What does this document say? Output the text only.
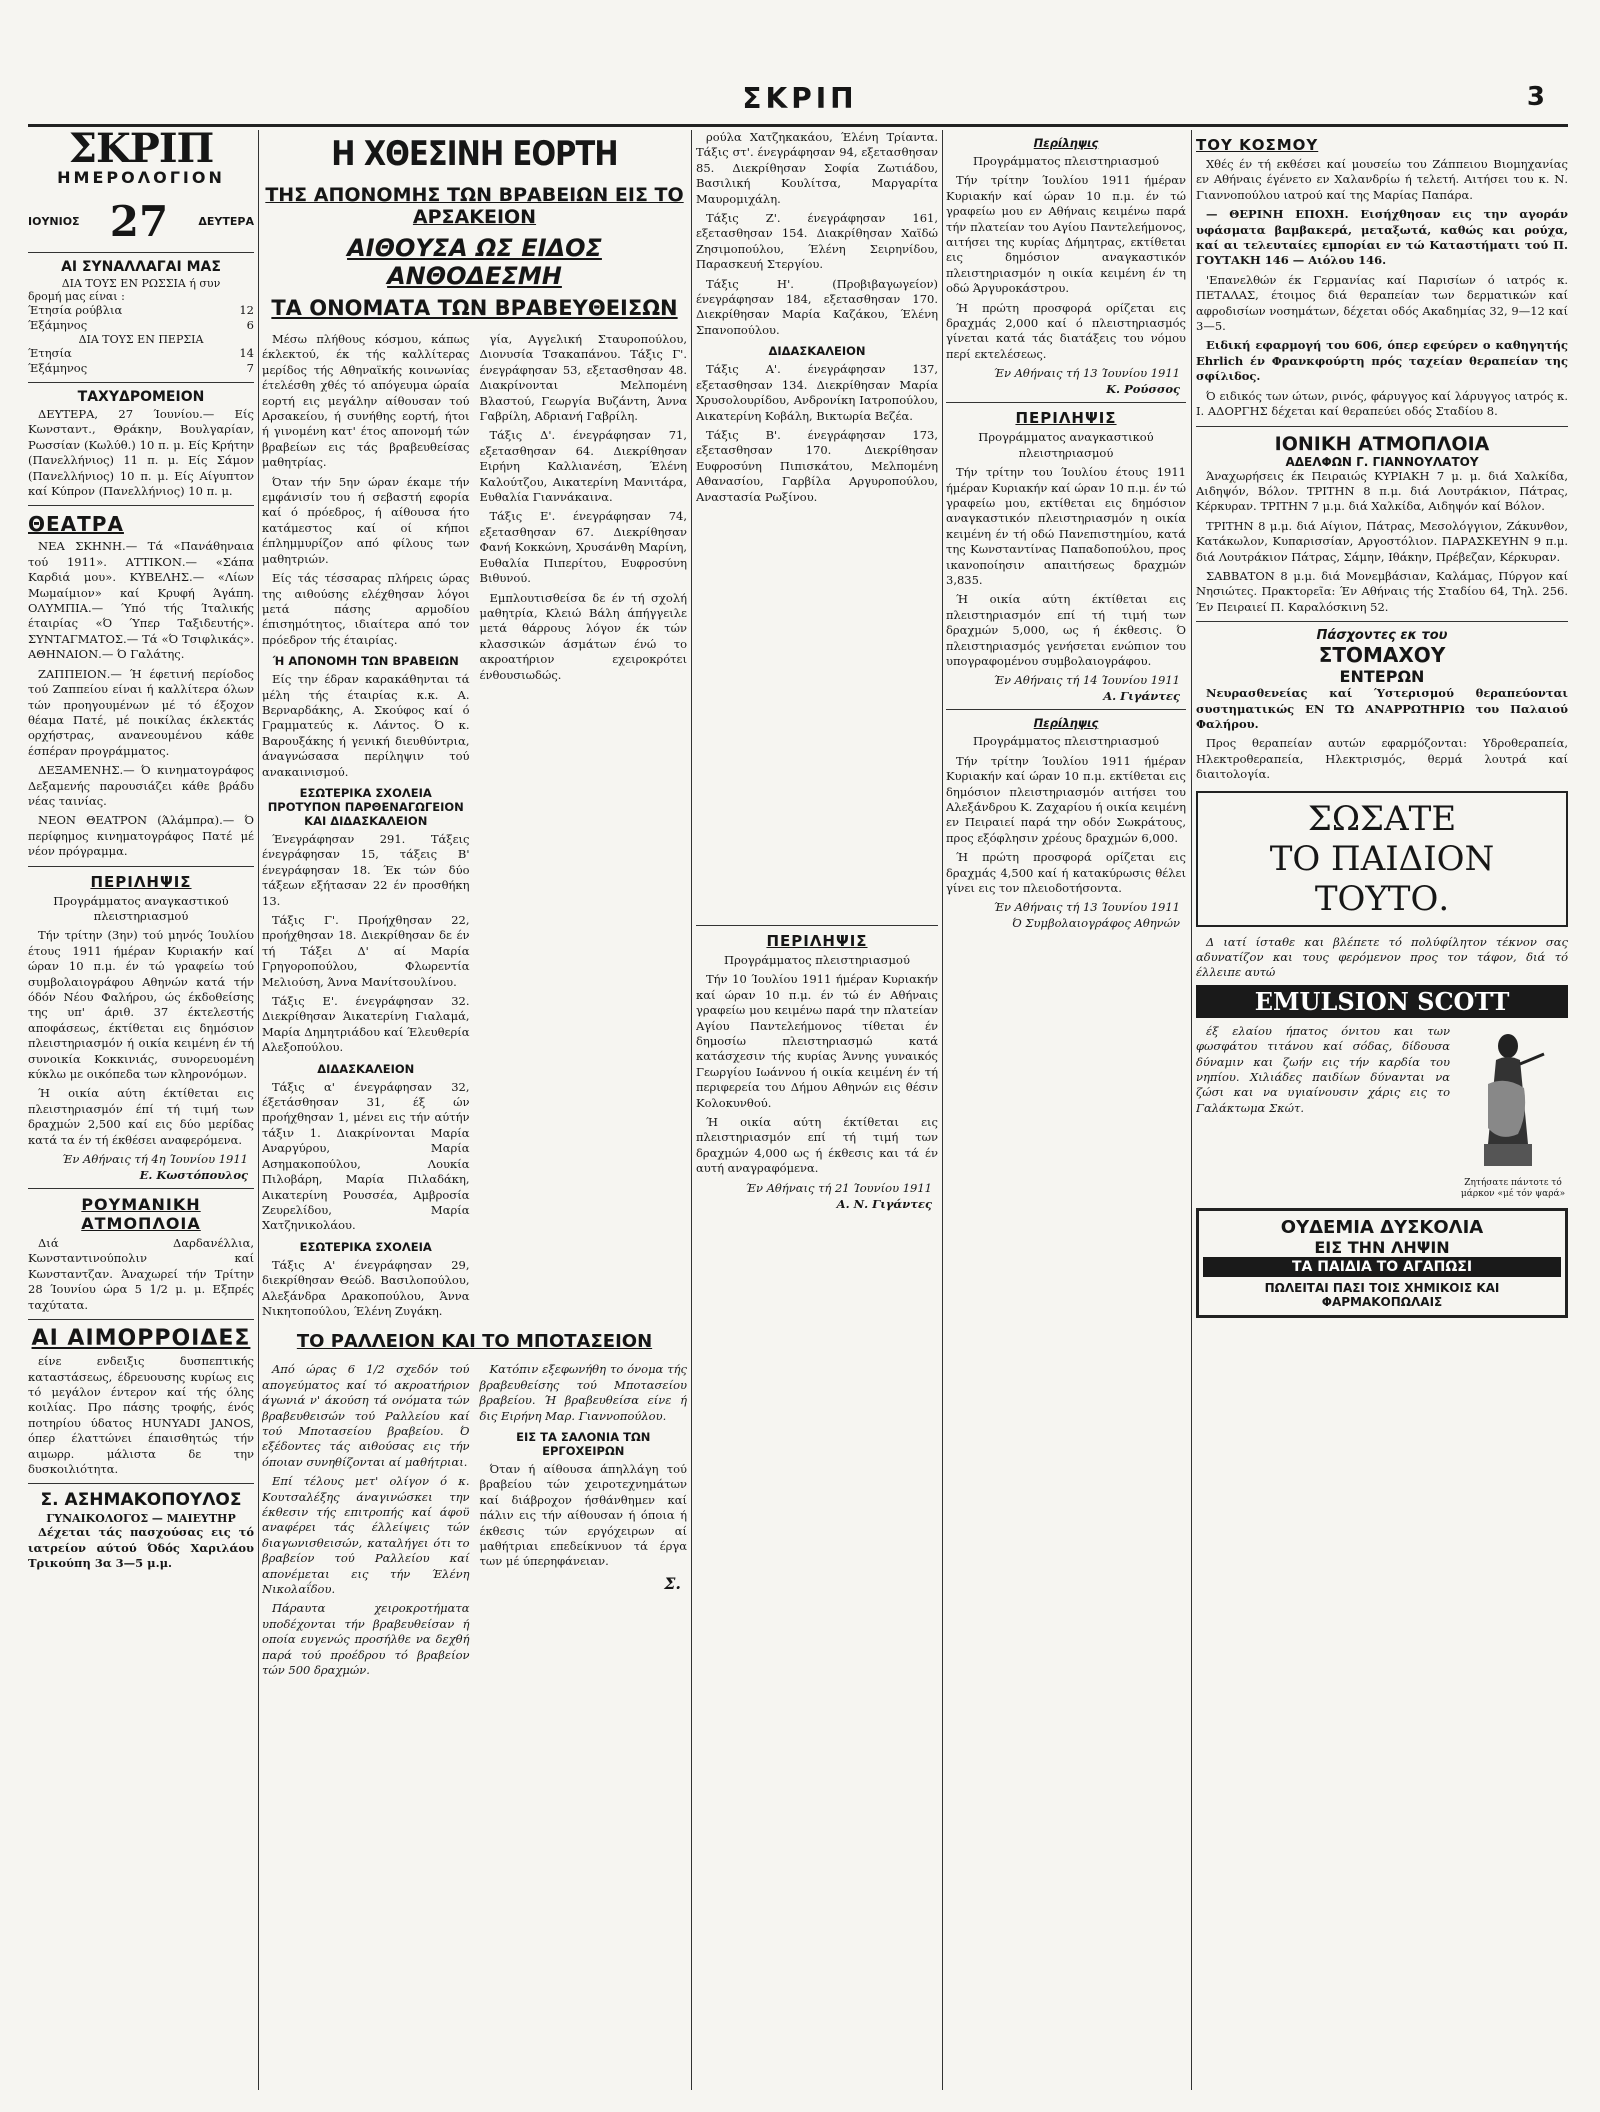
ΣΚΡΙΠ	3
ΣΚΡΙΠ
ΗΜΕΡΟΛΟΓΙΟΝ
ΙΟΥΝΙΟΣ 27	ΔΕΥΤΕΡΑ
ΑΙ ΣΥΝΑΛΛΑΓΑΙ ΜΑΣ
ΔΙΑ ΤΟΥΣ ΕΝ ΡΩΣΣΙΑ ή συν
δρομή μας είναι :
Έτησία ρούβλια	12
Έξάμηνος	6
ΔΙΑ ΤΟΥΣ ΕΝ ΠΕΡΣΙΑ
Έτησία	14
Έξάμηνος	7
ΤΑΧΥΔΡΟΜΕΙΟΝ

ΔΕΥΤΕΡΑ, 27 Ίουνίου.— Είς Κωνσταντ., Θράκην, Βουλγαρίαν, Ρωσσίαν (Κωλύθ.) 10 π. μ. Είς Κρήτην (Πανελλήνιος) 11 π. μ. Είς Σάμον (Πανελλήνιος) 10 π. μ. Είς Αίγυπτον καί Κύπρον (Πανελλήνιος) 10 π. μ.

ΘΕΑΤΡΑ

ΝΕΑ ΣΚΗΝΗ.— Τά «Πανάθηναια τού 1911». ΑΤΤΙΚΟΝ.— «Σάπα Καρδιά μου». ΚΥΒΕΛΗΣ.— «Λίων Μωμαίμιον» καί Κρυφή Άγάπη. ΟΛΥΜΠΙΑ.— Ύπό τής Ίταλικής έταιρίας «Ό Ύπερ Ταξιδευτής». ΣΥΝΤΑΓΜΑΤΟΣ.— Τά «Ό Τσιφλικάς». ΑΘΗΝΑΙΟΝ.— Ό Γαλάτης.

ΖΑΠΠΕΙΟΝ.— Ή έφετινή περίοδος τού Ζαππείου είναι ή καλλίτερα όλων τών προηγουμένων μέ τό έξοχον θέαμα Πατέ, μέ ποικίλας έκλεκτάς ορχήστρας, ανανεουμένου κάθε έσπέραν προγράμματος.

ΔΕΞΑΜΕΝΗΣ.— Ό κινηματογράφος Δεξαμενής παρουσιάζει κάθε βράδυ νέας ταινίας.

ΝΕΟΝ ΘΕΑΤΡΟΝ (Άλάμπρα).— Ό περίφημος κινηματογράφος Πατέ μέ νέον πρόγραμμα.

ΠΕΡΙΛΗΨΙΣ

Προγράμματος αναγκαστικού πλειστηριασμού

Τήν τρίτην (3ην) τού μηνός Ίουλίου έτους 1911 ήμέραν Κυριακήν καί ώραν 10 π.μ. έν τώ γραφείω τού συμβολαιογράφου Αθηνών κατά τήν όδόν Νέου Φαλήρου, ώς έκδοθείσης της υπ' άριθ. 37 έκτελεστής αποφάσεως, έκτίθεται εις δημόσιον πλειστηριασμόν ή οικία κειμένη έν τή συνοικία Κοκκινιάς, συνορευομένη κύκλω με οικόπεδα των κληρονόμων.

Ή οικία αύτη έκτίθεται εις πλειστηριασμόν έπί τή τιμή των δραχμών 2,500 καί εις δύο μερίδας κατά τα έν τή έκθέσει αναφερόμενα.

Έν Αθήναις τή 4η Ίουνίου 1911
Ε. Κωστόπουλος
ΡΟΥΜΑΝΙΚΗ ΑΤΜΟΠΛΟΙΑ

Διά Δαρδανέλλια, Κωνσταντινούπολιν καί Κωνσταντζαν. Άναχωρεί τήν Τρίτην 28 Ίουνίου ώρα 5 1/2 μ. μ. Εξπρές ταχύτατα.

ΑΙ ΑΙΜΟΡΡΟΙΔΕΣ

είνε ενδειξις δυσπεπτικής καταστάσεως, έδρευουσης κυρίως εις τό μεγάλον έντερον καί τής όλης κοιλίας. Προ πάσης τροφής, ένός ποτηρίου ύδατος HUNYADI JANOS, όπερ έλαττώνει έπαισθητώς τήν αιμωρρ. μάλιστα δε την δυσκοιλιότητα.

Σ. ΑΣΗΜΑΚΟΠΟΥΛΟΣ
ΓΥΝΑΙΚΟΛΟΓΟΣ — ΜΑΙΕΥΤΗΡ

Δέχεται τάς πασχούσας εις τό ιατρείον αύτού Όδός Χαριλάου Τρικούπη 3α 3—5 μ.μ.

Η ΧΘΕΣΙΝΗ ΕΟΡΤΗ
ΤΗΣ ΑΠΟΝΟΜΗΣ ΤΩΝ ΒΡΑΒΕΙΩΝ ΕΙΣ ΤΟ ΑΡΣΑΚΕΙΟΝ
ΑΙΘΟΥΣΑ ΩΣ ΕΙΔΟΣ ΑΝΘΟΔΕΣΜΗ
ΤΑ ΟΝΟΜΑΤΑ ΤΩΝ ΒΡΑΒΕΥΘΕΙΣΩΝ

Μέσω πλήθους κόσμου, κάπως έκλεκτού, έκ τής καλλίτερας μερίδος τής Αθηναϊκής κοινωνίας έτελέσθη χθές τό απόγευμα ώραία εορτή εις μεγάλην αίθουσαν τού Αρσακείου, ή συνήθης εορτή, ήτοι ή γινομένη κατ' έτος απονομή τών βραβείων εις τάς βραβευθείσας μαθητρίας.

Όταν τήν 5ην ώραν έκαμε τήν εμφάνισίν του ή σεβαστή εφορία καί ό πρόεδρος, ή αίθουσα ήτο κατάμεστος καί οί κήποι έπλημμυρίζον από φίλους των μαθητριών.

Είς τάς τέσσαρας πλήρεις ώρας της αιθούσης ελέχθησαν λόγοι μετά πάσης αρμοδίου έπισημότητος, ιδιαίτερα από τον πρόεδρον τής έταιρίας.

Ή ΑΠΟΝΟΜΗ ΤΩΝ ΒΡΑΒΕΙΩΝ

Είς την έδραν καρακάθηνται τά μέλη τής έταιρίας κ.κ. Α. Βερναρδάκης, Α. Σκούφος καί ό Γραμματεύς κ. Λάντος. Ό κ. Βαρουξάκης ή γενική διευθύντρια, άναγνώσασα περίληψιν τού ανακαινισμού.

ΕΣΩΤΕΡΙΚΑ ΣΧΟΛΕΙΑ ΠΡΟΤΥΠΟΝ ΠΑΡΘΕΝΑΓΩΓΕΙΟΝ ΚΑΙ ΔΙΔΑΣΚΑΛΕΙΟΝ

Ένεγράφησαν 291. Τάξεις ένεγράφησαν 15, τάξεις Β' ένεγράφησαν 18. Έκ τών δύο τάξεων εξήτασαν 22 έν προσθήκη 13.

Τάξις Γ'. Προήχθησαν 22, προήχθησαν 18. Διεκρίθησαν δε έν τή Τάξει Δ' αί Μαρία Γρηγοροπούλου, Φλωρεντία Μελιούση, Άννα Μανίτσουλίνου.

Τάξις Ε'. ένεγράφησαν 32. Διεκρίθησαν Άικατερίνη Γιαλαμά, Μαρία Δημητριάδου καί Έλευθερία Αλεξοπούλου.

ΔΙΔΑΣΚΑΛΕΙΟΝ

Τάξις α' ένεγράφησαν 32, έξετάσθησαν 31, έξ ών προήχθησαν 1, μένει εις τήν αύτήν τάξιν 1. Διακρίνονται Μαρία Αναργύρου, Μαρία Ασημακοπούλου, Λουκία Πιλοβάρη, Μαρία Πιλαδάκη, Αικατερίνη Ρουσσέα, Αμβροσία Ζευρελίδου, Μαρία Χατζηνικολάου.

ΕΣΩΤΕΡΙΚΑ ΣΧΟΛΕΙΑ

Τάξις Α' ένεγράφησαν 29, διεκρίθησαν Θεώδ. Βασιλοπούλου, Αλεξάνδρα Δρακοπούλου, Άννα Νικητοπούλου, Έλένη Ζυγάκη.

γία, Αγγελική Σταυροπούλου, Διονυσία Τσακαπάνου. Τάξις Γ'. ένεγράφησαν 53, εξετασθησαν 48. Διακρίνονται Μελπομένη Βλαστού, Γεωργία Βυζάντη, Άννα Γαβρίλη, Αδριανή Γαβρίλη.

Τάξις Δ'. ένεγράφησαν 71, εξετασθησαν 64. Διεκρίθησαν Ειρήνη Καλλιανέση, Έλένη Καλούτζου, Αικατερίνη Μανιτάρα, Ευθαλία Γιαννάκαινα.

Τάξις Ε'. ένεγράφησαν 74, εξετασθησαν 67. Διεκρίθησαν Φανή Κοκκώνη, Χρυσάνθη Μαρίνη, Ευθαλία Πιπερίτου, Ευφροσύνη Βιθυνού.

Εμπλουτισθείσα δε έν τή σχολή μαθητρία, Κλειώ Βάλη άπήγγειλε μετά θάρρους λόγον έκ τών κλασσικών άσμάτων ένώ το ακροατήριον εχειροκρότει ένθουσιωδώς.

ΤΟ ΡΑΛΛΕΙΟΝ ΚΑΙ ΤΟ ΜΠΟΤΑΣΕΙΟΝ

Από ώρας 6 1/2 σχεδόν τού απογεύματος καί τό ακροατήριον άγωνιά ν' άκούση τά ονόματα τών βραβευθεισών τού Ραλλείου καί τού Μποτασείου βραβείου. Ό εξέδοντες τάς αιθούσας εις τήν όποιαν συνηθίζονται αί μαθήτριαι.

Επί τέλους μετ' ολίγον ό κ. Κουτσαλέξης άναγινώσκει την έκθεσιν τής επιτροπής καί άφοϋ αναφέρει τάς έλλείψεις τών διαγωνισθεισών, καταλήγει ότι το βραβείον τού Ραλλείου καί απονέμεται εις τήν Έλένη Νικολαΐδου.

Πάραυτα χειροκροτήματα υποδέχονται τήν βραβευθείσαν ή οποία ευγενώς προσήλθε να δεχθή παρά τού προέδρου τό βραβείον τών 500 δραχμών.

Κατόπιν εξεφωνήθη το όνομα τής βραβευθείσης τού Μποτασείου βραβείου. Ή βραβευθείσα είνε ή δις Ειρήνη Μαρ. Γιαννοπούλου.

ΕΙΣ ΤΑ ΣΑΛΟΝΙΑ ΤΩΝ ΕΡΓΟΧΕΙΡΩΝ

Όταν ή αίθουσα άπηλλάγη τού βραβείου τών χειροτεχνημάτων καί διάβροχον ήσθάνθημεν καί πάλιν εις τήν αίθουσαν ή όποια ή έκθεσις τών εργόχειρων αί μαθήτριαι επεδείκνυον τά έργα των μέ ύπερηφάνειαν.

Σ.

ρούλα Χατζηκακάου, Έλένη Τρίαντα. Τάξις στ'. ένεγράφησαν 94, εξετασθησαν 85. Διεκρίθησαν Σοφία Ζωτιάδου, Βασιλική Κουλίτσα, Μαργαρίτα Μαυρομιχάλη.

Τάξις Ζ'. ένεγράφησαν 161, εξετασθησαν 154. Διακρίθησαν Χαϊδώ Ζησιμοπούλου, Έλένη Σειρηνίδου, Παρασκευή Στεργίου.

Τάξις Η'. (Προβιβαγωγείον) ένεγράφησαν 184, εξετασθησαν 170. Διεκρίθησαν Μαρία Καζάκου, Έλένη Σπανοπούλου.

ΔΙΔΑΣΚΑΛΕΙΟΝ

Τάξις Α'. ένεγράφησαν 137, εξετασθησαν 134. Διεκρίθησαν Μαρία Χρυσολουρίδου, Ανδρονίκη Ιατροπούλου, Αικατερίνη Κοβάλη, Βικτωρία Βεζέα.

Τάξις Β'. ένεγράφησαν 173, εξετασθησαν 170. Διεκρίθησαν Ευφροσύνη Πιπισκάτου, Μελπομένη Αθανασίου, Γαρβίλα Αργυροπούλου, Αναστασία Ρωξίνου.

ΠΕΡΙΛΗΨΙΣ

Προγράμματος πλειστηριασμού

Τήν 10 Ίουλίου 1911 ήμέραν Κυριακήν καί ώραν 10 π.μ. έν τώ έν Αθήναις γραφείω μου κειμένω παρά την πλατείαν Αγίου Παντελεήμονος τίθεται έν δημοσίω πλειστηριασμώ κατά κατάσχεσιν τής κυρίας Άννης γυναικός Γεωργίου Ιωάννου ή οικία κειμένη έν τή περιφερεία του Δήμου Αθηνών εις θέσιν Κολοκυνθού.

Ή οικία αύτη έκτίθεται εις πλειστηριασμόν επί τή τιμή των δραχμών 4,000 ως ή έκθεσις και τά έν αυτή αναγραφόμενα.

Έν Αθήναις τή 21 Ίουνίου 1911
Α. Ν. Γιγάντες
Περίληψις

Προγράμματος πλειστηριασμού

Τήν τρίτην Ίουλίου 1911 ήμέραν Κυριακήν καί ώραν 10 π.μ. έν τώ γραφείω μου εν Αθήναις κειμένω παρά τήν πλατείαν του Αγίου Παντελεήμονος, αιτήσει της κυρίας Δήμητρας, εκτίθεται εις δημόσιον αναγκαστικόν πλειστηριασμόν η οικία κειμένη έν τη οδώ Άργυροκάστρου.

Ή πρώτη προσφορά ορίζεται εις δραχμάς 2,000 καί ό πλειστηριασμός γίνεται κατά τάς διατάξεις του νόμου περί εκτελέσεως.

Έν Αθήναις τή 13 Ίουνίου 1911
Κ. Ρούσσος
ΠΕΡΙΛΗΨΙΣ

Προγράμματος αναγκαστικού πλειστηριασμού

Τήν τρίτην του Ίουλίου έτους 1911 ήμέραν Κυριακήν καί ώραν 10 π.μ. έν τώ γραφείω μου, εκτίθεται εις δημόσιον αναγκαστικόν πλειστηριασμόν η οικία κειμένη έν τή οδώ Πανεπιστημίου, κατά της Κωνσταντίνας Παπαδοπούλου, προς ικανοποίησιν απαιτήσεως δραχμών 3,835.

Ή οικία αύτη έκτίθεται εις πλειστηριασμόν επί τή τιμή των δραχμών 5,000, ως ή έκθεσις. Ό πλειστηριασμός γενήσεται ενώπιον του υπογραφομένου συμβολαιογράφου.

Έν Αθήναις τή 14 Ίουνίου 1911
Α. Γιγάντες
Περίληψις

Προγράμματος πλειστηριασμού

Τήν τρίτην Ίουλίου 1911 ήμέραν Κυριακήν καί ώραν 10 π.μ. εκτίθεται εις δημόσιον πλειστηριασμόν αιτήσει του Αλεξάνδρου Κ. Ζαχαρίου ή οικία κειμένη εν Πειραιεί παρά την οδόν Σωκράτους, προς εξόφλησιν χρέους δραχμών 6,000.

Ή πρώτη προσφορά ορίζεται εις δραχμάς 4,500 καί ή κατακύρωσις θέλει γίνει εις τον πλειοδοτήσοντα.

Έν Αθήναις τή 13 Ίουνίου 1911
Ό Συμβολαιογράφος Αθηνών
ΤΟΥ ΚΟΣΜΟΥ

Χθές έν τή εκθέσει καί μουσείω του Ζάππειου Βιομηχανίας εν Αθήναις έγένετο εν Χαλανδρίω ή τελετή. Αιτήσει του κ. Ν. Γιαννοπούλου ιατρού καί της Μαρίας Παπάρα.

— ΘΕΡΙΝΗ ΕΠΟΧΗ. Εισήχθησαν εις την αγοράν υφάσματα βαμβακερά, μεταξωτά, καθώς και ρούχα, καί αι τελευταίες εμπορίαι εν τώ Καταστήματι τού Π. ΓΟΥΤΑΚΗ 146 — Αιόλου 146.

'Επανελθών έκ Γερμανίας καί Παρισίων ό ιατρός κ. ΠΕΤΑΛΑΣ, έτοιμος διά θεραπείαν των δερματικών καί αφροδισίων νοσημάτων, δέχεται οδός Ακαδημίας 32, 9—12 καί 3—5.

Ειδική εφαρμογή του 606, όπερ εφεύρεν ο καθηγητής Ehrlich έν Φρανκφούρτη πρός ταχείαν θεραπείαν της σφίλιδος.

Ό ειδικός των ώτων, ρινός, φάρυγγος καί λάρυγγος ιατρός κ. Ι. ΑΔΟΡΓΗΣ δέχεται καί θεραπεύει οδός Σταδίου 8.

ΙΟΝΙΚΗ ΑΤΜΟΠΛΟΙΑ
ΑΔΕΛΦΩΝ Γ. ΓΙΑΝΝΟΥΛΑΤΟΥ

Άναχωρήσεις έκ Πειραιώς ΚΥΡΙΑΚΗ 7 μ. μ. διά Χαλκίδα, Αιδηψόν, Βόλον. ΤΡΙΤΗΝ 8 π.μ. διά Λουτράκιον, Πάτρας, Κέρκυραν. ΤΡΙΤΗΝ 7 μ.μ. διά Χαλκίδα, Αιδηψόν καί Βόλον.

ΤΡΙΤΗΝ 8 μ.μ. διά Αίγιον, Πάτρας, Μεσολόγγιον, Ζάκυνθον, Κατάκωλον, Κυπαρισσίαν, Αργοστόλιον. ΠΑΡΑΣΚΕΥΗΝ 9 π.μ. διά Λουτράκιον Πάτρας, Σάμην, Ιθάκην, Πρέβεζαν, Κέρκυραν.

ΣΑΒΒΑΤΟΝ 8 μ.μ. διά Μονεμβάσιαν, Καλάμας, Πύργον καί Νησιώτες. Πρακτορεῖα: Έν Αθήναις τής Σταδίου 64, Τηλ. 256. Έν Πειραιεί Π. Καραλόσκινη 52.

Πάσχοντες εκ του
ΣΤΟΜΑΧΟΥ
ΕΝΤΕΡΩΝ

Νευρασθενείας καί Ύστερισμού θεραπεύονται συστηματικώς ΕΝ ΤΩ ΑΝΑΡΡΩΤΗΡΙΩ του Παλαιού Φαλήρου.

Προς θεραπείαν αυτών εφαρμόζονται: Υδροθεραπεία, Ηλεκτροθεραπεία, Ηλεκτρισμός, θερμά λουτρά καί διαιτολογία.

ΣΩΣΑΤΕ
ΤΟ ΠΑΙΔΙΟΝ
ΤΟΥΤΟ.

Δ ιατί ίσταθε και βλέπετε τό πολύφίλητον τέκνον σας αδυνατίζον και τους φερόμενον προς τον τάφον, διά τό έλλειπε αυτώ

EMULSION SCOTT

έξ ελαίου ήπατος όνιτου και των φωσφάτου τιτάνου καί σόδας, δίδουσα δύναμιν και ζωήν εις τήν καρδία του νηπίου. Χιλιάδες παιδίων δύνανται να ζώσι και να υγιαίνουσιν χάρις εις το Γαλάκτωμα Σκώτ.

Ζητήσατε πάντοτε τό μάρκον «μέ τόν ψαρά»
ΟΥΔΕΜΙΑ ΔΥΣΚΟΛΙΑ
ΕΙΣ ΤΗΝ ΛΗΨΙΝ
ΤΑ ΠΑΙΔΙΑ ΤΟ ΑΓΑΠΩΣΙ
ΠΩΛΕΙΤΑΙ ΠΑΣΙ ΤΟΙΣ ΧΗΜΙΚΟΙΣ ΚΑΙ ΦΑΡΜΑΚΟΠΩΛΑΙΣ
